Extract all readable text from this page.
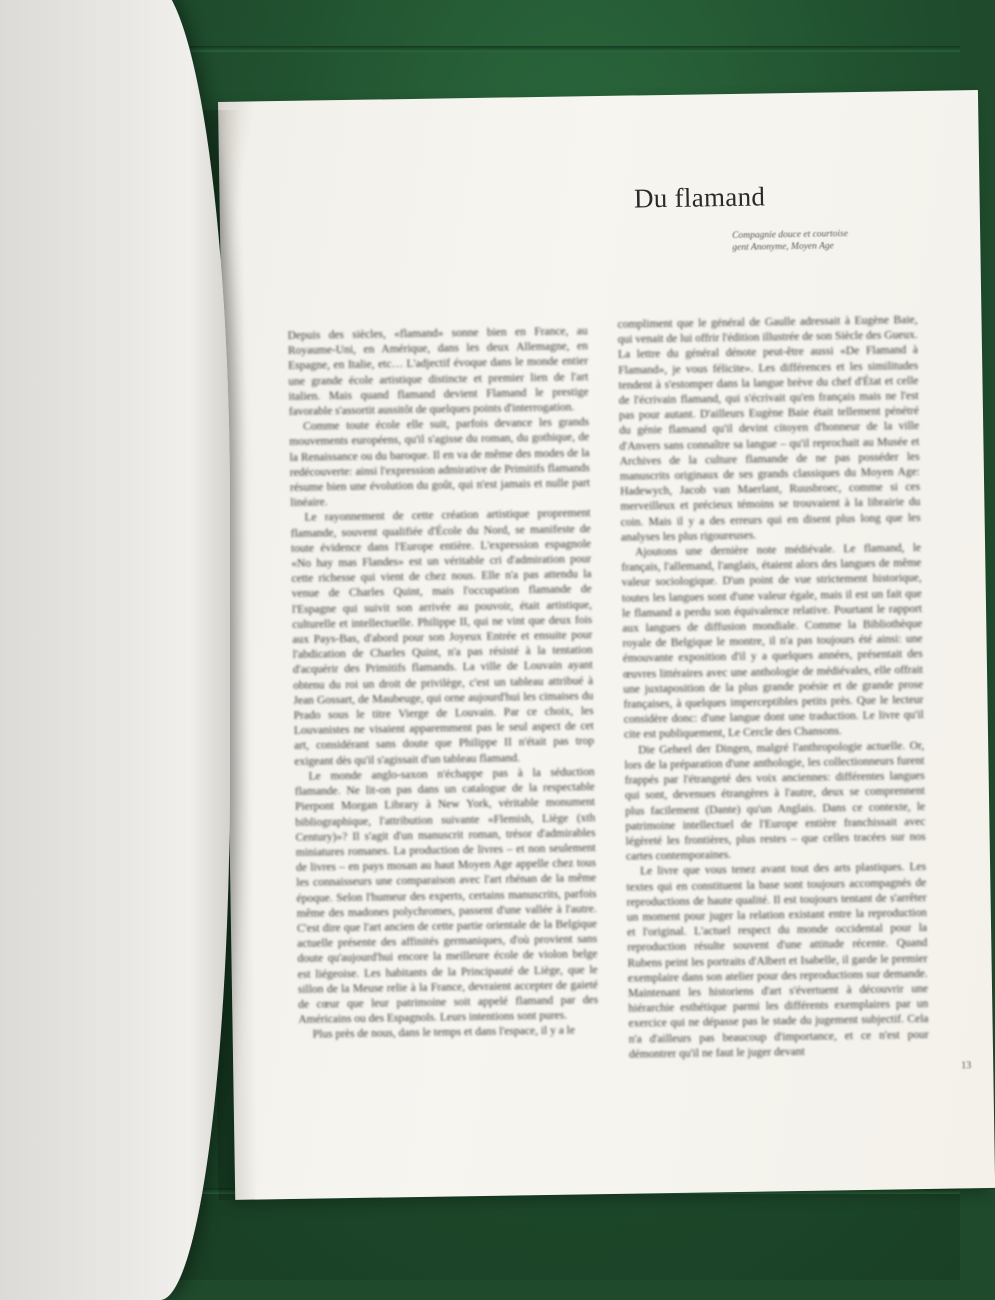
Du flamand
Compagnie douce et courtoise gent Anonyme, Moyen Age

Depuis des siècles, «flamand» sonne bien en France, au Royaume-Uni, en Amérique, dans les deux Allemagne, en Espagne, en Italie, etc… L'adjectif évoque dans le monde entier une grande école artistique distincte et premier lien de l'art italien. Mais quand flamand devient Flamand le prestige favorable s'assortit aussitôt de quelques points d'interrogation.

Comme toute école elle suit, parfois devance les grands mouvements européens, qu'il s'agisse du roman, du gothique, de la Renaissance ou du baroque. Il en va de même des modes de la redécouverte: ainsi l'expression admirative de Primitifs flamands résume bien une évolution du goût, qui n'est jamais et nulle part linéaire.

Le rayonnement de cette création artistique proprement flamande, souvent qualifiée d'École du Nord, se manifeste de toute évidence dans l'Europe entière. L'expression espagnole «No hay mas Flandes» est un véritable cri d'admiration pour cette richesse qui vient de chez nous. Elle n'a pas attendu la venue de Charles Quint, mais l'occupation flamande de l'Espagne qui suivit son arrivée au pouvoir, était artistique, culturelle et intellectuelle. Philippe II, qui ne vint que deux fois aux Pays-Bas, d'abord pour son Joyeux Entrée et ensuite pour l'abdication de Charles Quint, n'a pas résisté à la tentation d'acquérir des Primitifs flamands. La ville de Louvain ayant obtenu du roi un droit de privilège, c'est un tableau attribué à Jean Gossart, de Maubeuge, qui orne aujourd'hui les cimaises du Prado sous le titre Vierge de Louvain. Par ce choix, les Louvanistes ne visaient apparemment pas le seul aspect de cet art, considérant sans doute que Philippe II n'était pas trop exigeant dès qu'il s'agissait d'un tableau flamand.

Le monde anglo-saxon n'échappe pas à la séduction flamande. Ne lit-on pas dans un catalogue de la respectable Pierpont Morgan Library à New York, véritable monument bibliographique, l'attribution suivante «Flemish, Liège (xth Century)»? Il s'agit d'un manuscrit roman, trésor d'admirables miniatures romanes. La production de livres – et non seulement de livres – en pays mosan au haut Moyen Age appelle chez tous les connaisseurs une comparaison avec l'art rhénan de la même époque. Selon l'humeur des experts, certains manuscrits, parfois même des madones polychromes, passent d'une vallée à l'autre. C'est dire que l'art ancien de cette partie orientale de la Belgique actuelle présente des affinités germaniques, d'où provient sans doute qu'aujourd'hui encore la meilleure école de violon belge est liégeoise. Les habitants de la Principauté de Liège, que le sillon de la Meuse relie à la France, devraient accepter de gaieté de cœur que leur patrimoine soit appelé flamand par des Américains ou des Espagnols. Leurs intentions sont pures.

Plus près de nous, dans le temps et dans l'espace, il y a le

compliment que le général de Gaulle adressait à Eugène Baie, qui venait de lui offrir l'édition illustrée de son Siècle des Gueux. La lettre du général dénote peut-être aussi «De Flamand à Flamand», je vous félicite». Les différences et les similitudes tendent à s'estomper dans la langue brève du chef d'État et celle de l'écrivain flamand, qui s'écrivait qu'en français mais ne l'est pas pour autant. D'ailleurs Eugène Baie était tellement pénétré du génie flamand qu'il devint citoyen d'honneur de la ville d'Anvers sans connaître sa langue – qu'il reprochait au Musée et Archives de la culture flamande de ne pas posséder les manuscrits originaux de ses grands classiques du Moyen Age: Hadewych, Jacob van Maerlant, Ruusbroec, comme si ces merveilleux et précieux témoins se trouvaient à la librairie du coin. Mais il y a des erreurs qui en disent plus long que les analyses les plus rigoureuses.

Ajoutons une dernière note médiévale. Le flamand, le français, l'allemand, l'anglais, étaient alors des langues de même valeur sociologique. D'un point de vue strictement historique, toutes les langues sont d'une valeur égale, mais il est un fait que le flamand a perdu son équivalence relative. Pourtant le rapport aux langues de diffusion mondiale. Comme la Bibliothèque royale de Belgique le montre, il n'a pas toujours été ainsi: une émouvante exposition d'il y a quelques années, présentait des œuvres littéraires avec une anthologie de médiévales, elle offrait une juxtaposition de la plus grande poésie et de grande prose françaises, à quelques imperceptibles petits près. Que le lecteur considère donc: d'une langue dont une traduction. Le livre qu'il cite est publiquement, Le Cercle des Chansons.

Die Geheel der Dingen, malgré l'anthropologie actuelle. Or, lors de la préparation d'une anthologie, les collectionneurs furent frappés par l'étrangeté des voix anciennes: différentes langues qui sont, devenues étrangères à l'autre, deux se comprennent plus facilement (Dante) qu'un Anglais. Dans ce contexte, le patrimoine intellectuel de l'Europe entière franchissait avec légèreté les frontières, plus restes – que celles tracées sur nos cartes contemporaines.

Le livre que vous tenez avant tout des arts plastiques. Les textes qui en constituent la base sont toujours accompagnés de reproductions de haute qualité. Il est toujours tentant de s'arrêter un moment pour juger la relation existant entre la reproduction et l'original. L'actuel respect du monde occidental pour la reproduction résulte souvent d'une attitude récente. Quand Rubens peint les portraits d'Albert et Isabelle, il garde le premier exemplaire dans son atelier pour des reproductions sur demande. Maintenant les historiens d'art s'évertuent à découvrir une hiérarchie esthétique parmi les différents exemplaires par un exercice qui ne dépasse pas le stade du jugement subjectif. Cela n'a d'ailleurs pas beaucoup d'importance, et ce n'est pour démontrer qu'il ne faut le juger devant

13
